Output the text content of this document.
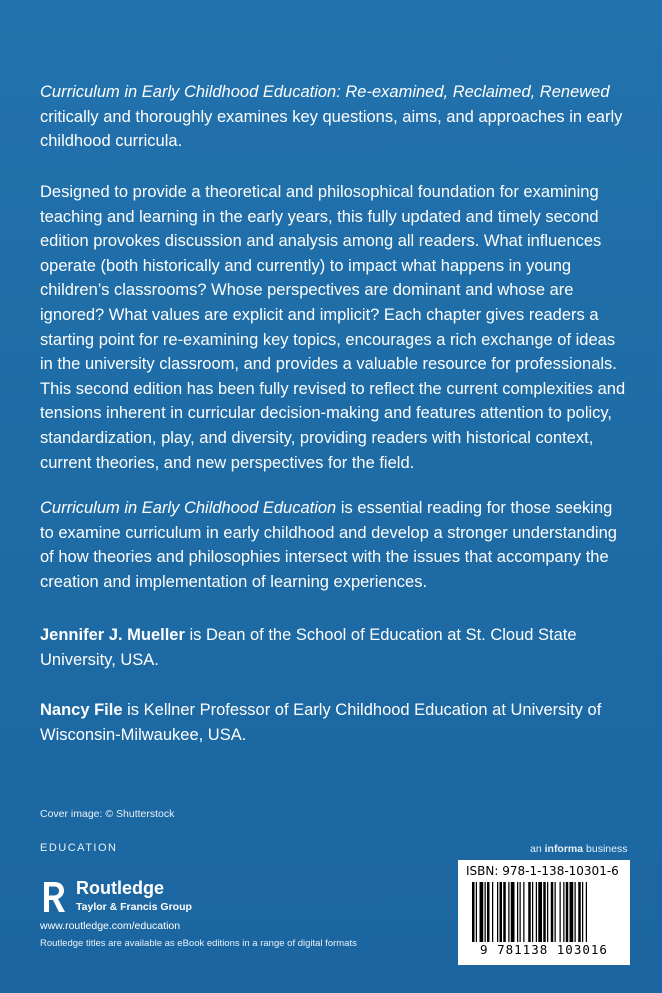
Curriculum in Early Childhood Education: Re-examined, Reclaimed, Renewed critically and thoroughly examines key questions, aims, and approaches in early childhood curricula.
Designed to provide a theoretical and philosophical foundation for examining teaching and learning in the early years, this fully updated and timely second edition provokes discussion and analysis among all readers. What influences operate (both historically and currently) to impact what happens in young children’s classrooms? Whose perspectives are dominant and whose are ignored? What values are explicit and implicit? Each chapter gives readers a starting point for re-examining key topics, encourages a rich exchange of ideas in the university classroom, and provides a valuable resource for professionals. This second edition has been fully revised to reflect the current complexities and tensions inherent in curricular decision-making and features attention to policy, standardization, play, and diversity, providing readers with historical context, current theories, and new perspectives for the field.
Curriculum in Early Childhood Education is essential reading for those seeking to examine curriculum in early childhood and develop a stronger understanding of how theories and philosophies intersect with the issues that accompany the creation and implementation of learning experiences.
Jennifer J. Mueller is Dean of the School of Education at St. Cloud State University, USA.
Nancy File is Kellner Professor of Early Childhood Education at University of Wisconsin-Milwaukee, USA.
Cover image: © Shutterstock
EDUCATION	an informa business
Routledge
Taylor & Francis Group
www.routledge.com/education
Routledge titles are available as eBook editions in a range of digital formats
ISBN: 978-1-138-10301-6
9 781138 103016
